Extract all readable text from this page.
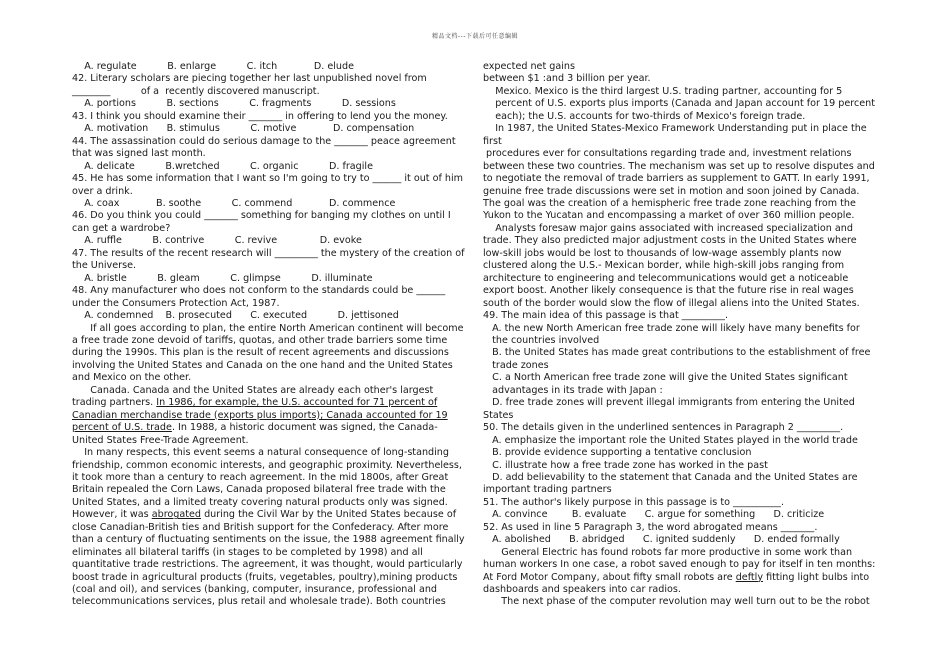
精品文档---下载后可任意编辑
A. regulate          B. enlarge          C. itch            D. elude
42. Literary scholars are piecing together her last unpublished novel from
________          of a  recently discovered manuscript.
A. portions          B. sections          C. fragments          D. sessions
43. I think you should examine their _______ in offering to lend you the money.
A. motivation      B. stimulus          C. motive            D. compensation
44. The assassination could do serious damage to the _______ peace agreement
that was signed last month.
A. delicate          B.wretched          C. organic          D. fragile
45. He has some information that I want so I'm going to try to ______ it out of him
over a drink.
A. coax            B. soothe          C. commend            D. commence
46. Do you think you could _______ something for banging my clothes on until I
can get a wardrobe?
A. ruffle          B. contrive          C. revive              D. evoke
47. The results of the recent research will _________ the mystery of the creation of
the Universe.
A. bristle          B. gleam          C. glimpse          D. illuminate
48. Any manufacturer who does not conform to the standards could be ______
under the Consumers Protection Act, 1987.
A. condemned    B. prosecuted      C. executed          D. jettisoned
If all goes according to plan, the entire North American continent will become
a free trade zone devoid of tariffs, quotas, and other trade barriers some time
during the 1990s. This plan is the result of recent agreements and discussions
involving the United States and Canada on the one hand and the United States
and Mexico on the other.
Canada. Canada and the United States are already each other's largest
trading partners. In 1986, for example, the U.S. accounted for 71 percent of
Canadian merchandise trade (exports plus imports); Canada accounted for 19
percent of U.S. trade. In 1988, a historic document was signed, the Canada-
United States Free-Trade Agreement.
In many respects, this event seems a natural consequence of long-standing
friendship, common economic interests, and geographic proximity. Nevertheless,
it took more than a century to reach agreement. In the mid 1800s, after Great
Britain repealed the Corn Laws, Canada proposed bilateral free trade with the
United States, and a limited treaty covering natural products only was signed.
However, it was abrogated during the Civil War by the United States because of
close Canadian-British ties and British support for the Confederacy. After more
than a century of fluctuating sentiments on the issue, the 1988 agreement finally
eliminates all bilateral tariffs (in stages to be completed by 1998) and all
quantitative trade restrictions. The agreement, it was thought, would particularly
boost trade in agricultural products (fruits, vegetables, poultry),mining products
(coal and oil), and services (banking, computer, insurance, professional and
telecommunications services, plus retail and wholesale trade). Both countries
expected net gains
between $1 :and 3 billion per year.
Mexico. Mexico is the third largest U.S. trading partner, accounting for 5
percent of U.S. exports plus imports (Canada and Japan account for 19 percent
each); the U.S. accounts for two-thirds of Mexico's foreign trade.
In 1987, the United States-Mexico Framework Understanding put in place the
first
procedures ever for consultations regarding trade and, investment relations
between these two countries. The mechanism was set up to resolve disputes and
to negotiate the removal of trade barriers as supplement to GATT. In early 1991,
genuine free trade discussions were set in motion and soon joined by Canada.
The goal was the creation of a hemispheric free trade zone reaching from the
Yukon to the Yucatan and encompassing a market of over 360 million people.
Analysts foresaw major gains associated with increased specialization and
trade. They also predicted major adjustment costs in the United States where
low-skill jobs would be lost to thousands of low-wage assembly plants now
clustered along the U.S.- Mexican border, while high-skill jobs ranging from
architecture to engineering and telecommunications would get a noticeable
export boost. Another likely consequence is that the future rise in real wages
south of the border would slow the flow of illegal aliens into the United States.
49. The main idea of this passage is that _________.
A. the new North American free trade zone will likely have many benefits for
the countries involved
B. the United States has made great contributions to the establishment of free
trade zones
C. a North American free trade zone will give the United States significant
advantages in its trade with Japan :
D. free trade zones will prevent illegal immigrants from entering the United
States
50. The details given in the underlined sentences in Paragraph 2 _________.
A. emphasize the important role the United States played in the world trade
B. provide evidence supporting a tentative conclusion
C. illustrate how a free trade zone has worked in the past
D. add believability to the statement that Canada and the United States are
important trading partners
51. The author's likely purpose in this passage is to __________.
A. convince        B. evaluate      C. argue for something      D. criticize
52. As used in line 5 Paragraph 3, the word abrogated means _______.
A. abolished      B. abridged      C. ignited suddenly      D. ended formally
General Electric has found robots far more productive in some work than
human workers In one case, a robot saved enough to pay for itself in ten months:
At Ford Motor Company, about fifty small robots are deftly fitting light bulbs into
dashboards and speakers into car radios.
The next phase of the computer revolution may well turn out to be the robot
